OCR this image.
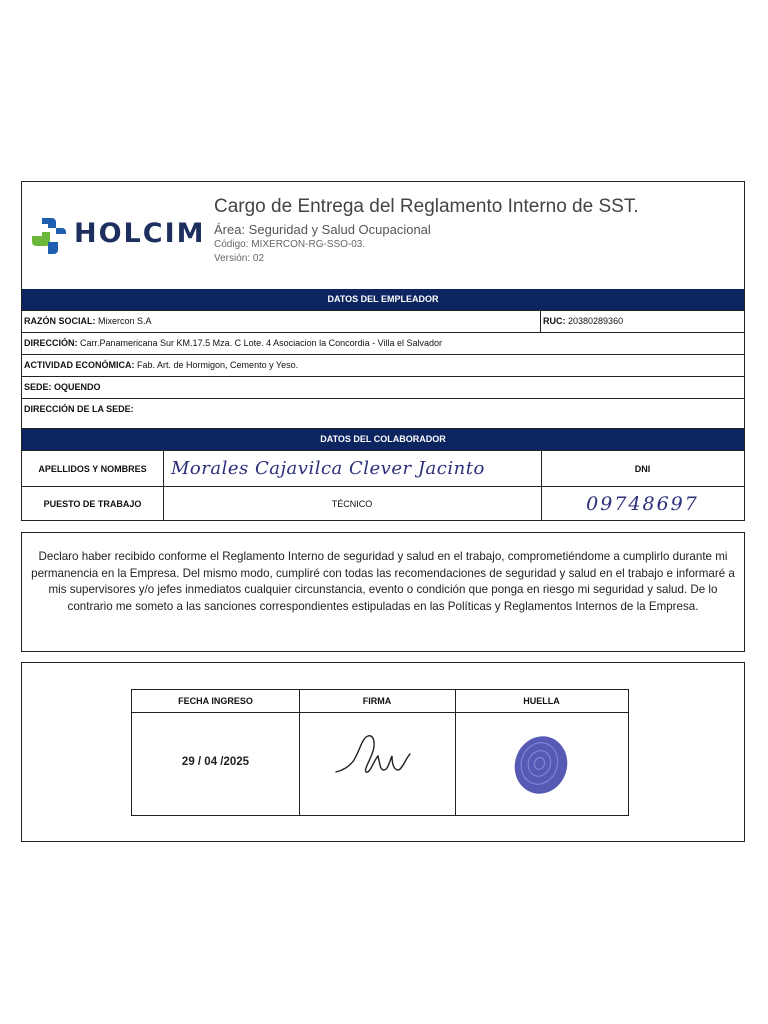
HOLCIM
Cargo de Entrega del Reglamento Interno de SST.
Área: Seguridad y Salud Ocupacional
Código: MIXERCON-RG-SSO-03.
Versión: 02
DATOS DEL EMPLEADOR
RAZÓN SOCIAL: Mixercon S.A	RUC: 20380289360
DIRECCIÓN: Carr.Panamericana Sur KM.17.5 Mza. C Lote. 4 Asociacion la Concordia - Villa el Salvador
ACTIVIDAD ECONÓMICA: Fab. Art. de Hormigon, Cemento y Yeso.
SEDE: OQUENDO
DIRECCIÓN DE LA SEDE:
DATOS DEL COLABORADOR
APELLIDOS Y NOMBRES	Morales Cajavilca Clever Jacinto	DNI
PUESTO DE TRABAJO	TÉCNICO	09748697
Declaro haber recibido conforme el Reglamento Interno de seguridad y salud en el trabajo, comprometiéndome a cumplirlo durante mi permanencia en la Empresa. Del mismo modo, cumpliré con todas las recomendaciones de seguridad y salud en el trabajo e informaré a mis supervisores y/o jefes inmediatos cualquier circunstancia, evento o condición que ponga en riesgo mi seguridad y salud. De lo contrario me someto a las sanciones correspondientes estipuladas en las Políticas y Reglamentos Internos de la Empresa.
FECHA INGRESO	FIRMA	HUELLA
29 / 04 /2025
